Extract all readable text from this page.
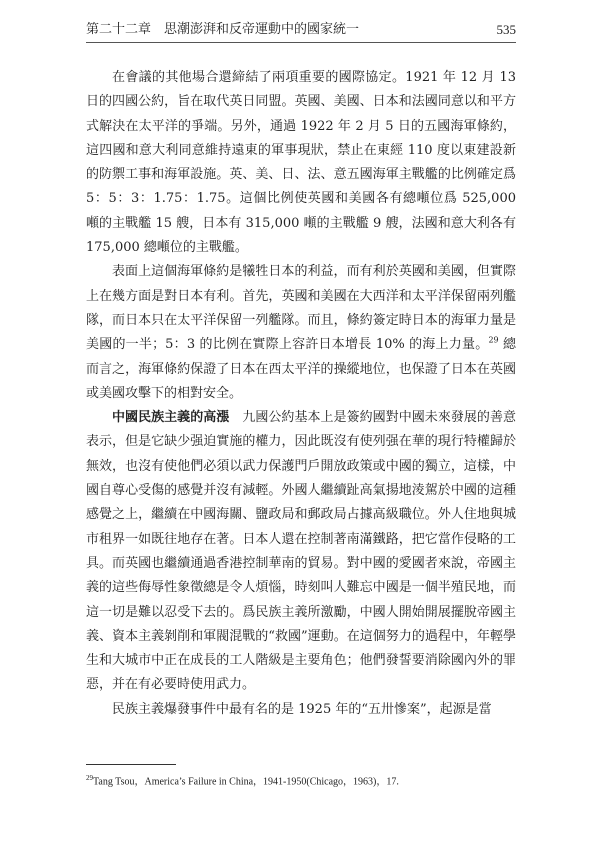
第二十二章　思潮澎湃和反帝運動中的國家統一	535

在會議的其他場合還締結了兩項重要的國際協定。1921 年 12 月 13 日的四國公約，旨在取代英日同盟。英國、美國、日本和法國同意以和平方式解決在太平洋的爭端。另外，通過 1922 年 2 月 5 日的五國海軍條約，這四國和意大利同意維持遠東的軍事現狀，禁止在東經 110 度以東建設新的防禦工事和海軍設施。英、美、日、法、意五國海軍主戰艦的比例確定爲 5：5：3：1.75：1.75。這個比例使英國和美國各有總噸位爲 525,000 噸的主戰艦 15 艘，日本有 315,000 噸的主戰艦 9 艘，法國和意大利各有 175,000 總噸位的主戰艦。

表面上這個海軍條約是犧牲日本的利益，而有利於英國和美國，但實際上在幾方面是對日本有利。首先，英國和美國在大西洋和太平洋保留兩列艦隊，而日本只在太平洋保留一列艦隊。而且，條約簽定時日本的海軍力量是美國的一半；5：3 的比例在實際上容許日本增長 10% 的海上力量。$^{29}$ 總而言之，海軍條約保證了日本在西太平洋的操縱地位，也保證了日本在英國或美國攻擊下的相對安全。

中國民族主義的高漲　九國公約基本上是簽約國對中國未來發展的善意表示，但是它缺少强迫實施的權力，因此既沒有使列强在華的現行特權歸於無效，也沒有使他們必須以武力保護門戶開放政策或中國的獨立，這樣，中國自尊心受傷的感覺并沒有減輕。外國人繼續趾高氣揚地淩駕於中國的這種感覺之上，繼續在中國海關、鹽政局和郵政局占據高級職位。外人住地與城市租界一如既往地存在著。日本人還在控制著南滿鐵路，把它當作侵略的工具。而英國也繼續通過香港控制華南的貿易。對中國的愛國者來說，帝國主義的這些侮辱性象徵總是令人煩惱，時刻叫人難忘中國是一個半殖民地，而這一切是難以忍受下去的。爲民族主義所激勵，中國人開始開展擺脫帝國主義、資本主義剝削和軍閥混戰的“救國”運動。在這個努力的過程中，年輕學生和大城市中正在成長的工人階級是主要角色；他們發誓要消除國內外的罪惡，并在有必要時使用武力。

民族主義爆發事件中最有名的是 1925 年的“五卅慘案”，起源是當

$^{29}$Tang Tsou，America’s Failure in China，1941-1950(Chicago，1963)，17.
